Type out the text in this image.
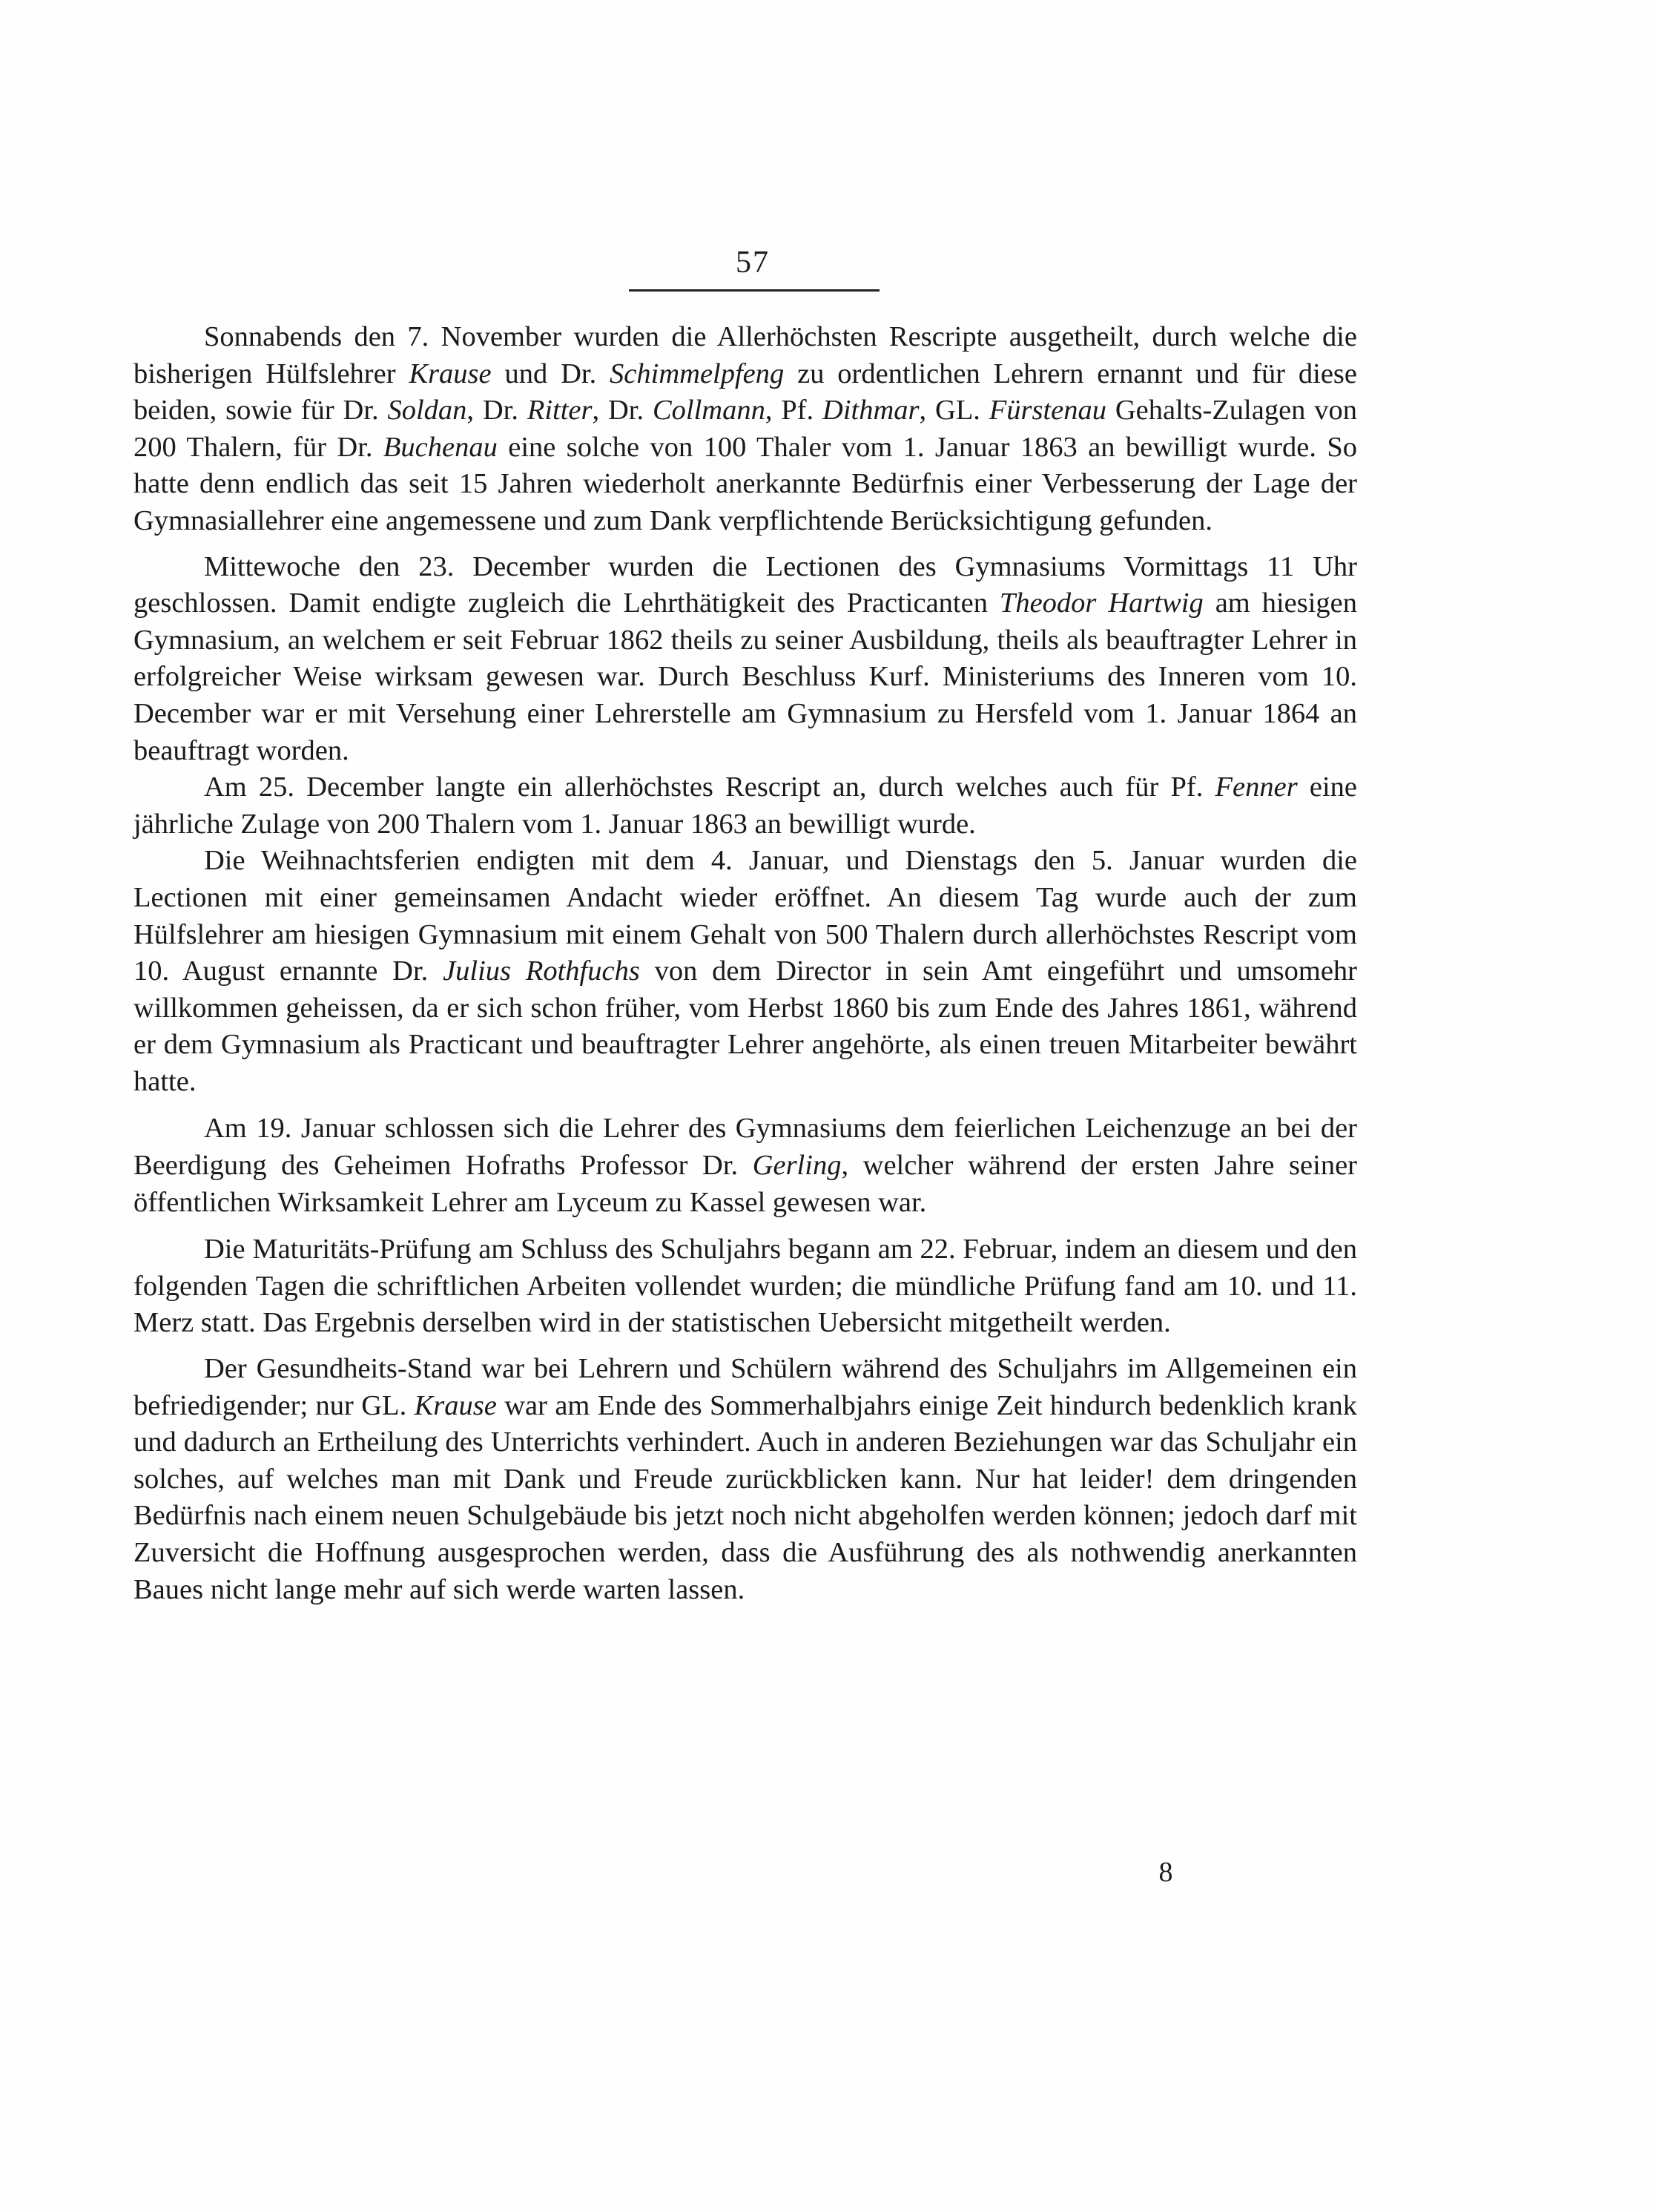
57

Sonnabends den 7. November wurden die Allerhöchsten Rescripte ausgetheilt, durch welche die bisherigen Hülfslehrer Krause und Dr. Schimmelpfeng zu ordentlichen Lehrern ernannt und für diese beiden, sowie für Dr. Soldan, Dr. Ritter, Dr. Collmann, Pf. Dithmar, GL. Fürstenau Gehalts-Zulagen von 200 Thalern, für Dr. Buchenau eine solche von 100 Thaler vom 1. Januar 1863 an bewilligt wurde. So hatte denn endlich das seit 15 Jahren wiederholt anerkannte Bedürfnis einer Verbesserung der Lage der Gymnasiallehrer eine angemessene und zum Dank verpflichtende Berücksichtigung gefunden.

Mittewoche den 23. December wurden die Lectionen des Gymnasiums Vormittags 11 Uhr geschlossen. Damit endigte zugleich die Lehrthätigkeit des Practicanten Theodor Hartwig am hiesigen Gymnasium, an welchem er seit Februar 1862 theils zu seiner Ausbildung, theils als beauftragter Lehrer in erfolgreicher Weise wirksam gewesen war. Durch Beschluss Kurf. Ministeriums des Inneren vom 10. December war er mit Versehung einer Lehrerstelle am Gymnasium zu Hersfeld vom 1. Januar 1864 an beauftragt worden.

Am 25. December langte ein allerhöchstes Rescript an, durch welches auch für Pf. Fenner eine jährliche Zulage von 200 Thalern vom 1. Januar 1863 an bewilligt wurde.

Die Weihnachtsferien endigten mit dem 4. Januar, und Dienstags den 5. Januar wurden die Lectionen mit einer gemeinsamen Andacht wieder eröffnet. An diesem Tag wurde auch der zum Hülfslehrer am hiesigen Gymnasium mit einem Gehalt von 500 Thalern durch allerhöchstes Rescript vom 10. August ernannte Dr. Julius Rothfuchs von dem Director in sein Amt eingeführt und umsomehr willkommen geheissen, da er sich schon früher, vom Herbst 1860 bis zum Ende des Jahres 1861, während er dem Gymnasium als Practicant und beauftragter Lehrer angehörte, als einen treuen Mitarbeiter bewährt hatte.

Am 19. Januar schlossen sich die Lehrer des Gymnasiums dem feierlichen Leichenzuge an bei der Beerdigung des Geheimen Hofraths Professor Dr. Gerling, welcher während der ersten Jahre seiner öffentlichen Wirksamkeit Lehrer am Lyceum zu Kassel gewesen war.

Die Maturitäts-Prüfung am Schluss des Schuljahrs begann am 22. Februar, indem an diesem und den folgenden Tagen die schriftlichen Arbeiten vollendet wurden; die mündliche Prüfung fand am 10. und 11. Merz statt. Das Ergebnis derselben wird in der statistischen Uebersicht mitgetheilt werden.

Der Gesundheits-Stand war bei Lehrern und Schülern während des Schuljahrs im Allgemeinen ein befriedigender; nur GL. Krause war am Ende des Sommerhalbjahrs einige Zeit hindurch bedenklich krank und dadurch an Ertheilung des Unterrichts verhindert. Auch in anderen Beziehungen war das Schuljahr ein solches, auf welches man mit Dank und Freude zurückblicken kann. Nur hat leider! dem dringenden Bedürfnis nach einem neuen Schulgebäude bis jetzt noch nicht abgeholfen werden können; jedoch darf mit Zuversicht die Hoffnung ausgesprochen werden, dass die Ausführung des als nothwendig anerkannten Baues nicht lange mehr auf sich werde warten lassen.

8
